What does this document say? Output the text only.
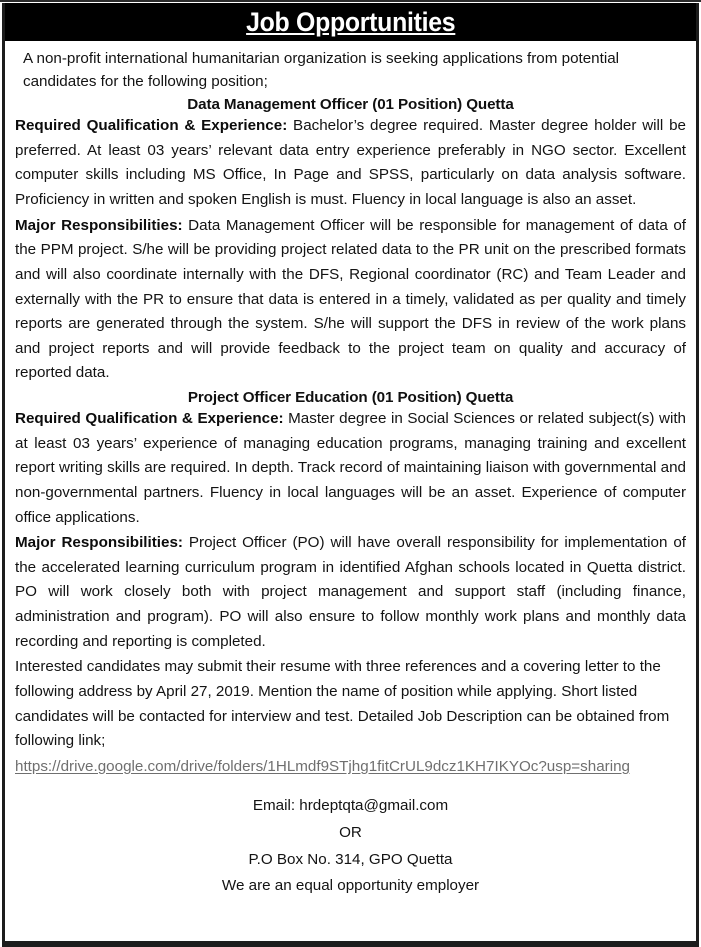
Job Opportunities

A non-profit international humanitarian organization is seeking applications from potential candidates for the following position;

Data Management Officer (01 Position) Quetta

Required Qualification & Experience: Bachelor’s degree required. Master degree holder will be preferred. At least 03 years’ relevant data entry experience preferably in NGO sector. Excellent computer skills including MS Office, In Page and SPSS, particularly on data analysis software. Proficiency in written and spoken English is must. Fluency in local language is also an asset.

Major Responsibilities: Data Management Officer will be responsible for management of data of the PPM project. S/he will be providing project related data to the PR unit on the prescribed formats and will also coordinate internally with the DFS, Regional coordinator (RC) and Team Leader and externally with the PR to ensure that data is entered in a timely, validated as per quality and timely reports are generated through the system. S/he will support the DFS in review of the work plans and project reports and will provide feedback to the project team on quality and accuracy of reported data.

Project Officer Education (01 Position) Quetta

Required Qualification & Experience: Master degree in Social Sciences or related subject(s) with at least 03 years’ experience of managing education programs, managing training and excellent report writing skills are required. In depth. Track record of maintaining liaison with governmental and non-governmental partners. Fluency in local languages will be an asset. Experience of computer office applications.

Major Responsibilities: Project Officer (PO) will have overall responsibility for implementation of the accelerated learning curriculum program in identified Afghan schools located in Quetta district. PO will work closely both with project management and support staff (including finance, administration and program). PO will also ensure to follow monthly work plans and monthly data recording and reporting is completed.

Interested candidates may submit their resume with three references and a covering letter to the following address by April 27, 2019. Mention the name of position while applying. Short listed candidates will be contacted for interview and test. Detailed Job Description can be obtained from following link;

https://drive.google.com/drive/folders/1HLmdf9STjhg1fitCrUL9dcz1KH7IKYOc?usp=sharing
Email: hrdeptqta@gmail.com
OR
P.O Box No. 314, GPO Quetta
We are an equal opportunity employer
